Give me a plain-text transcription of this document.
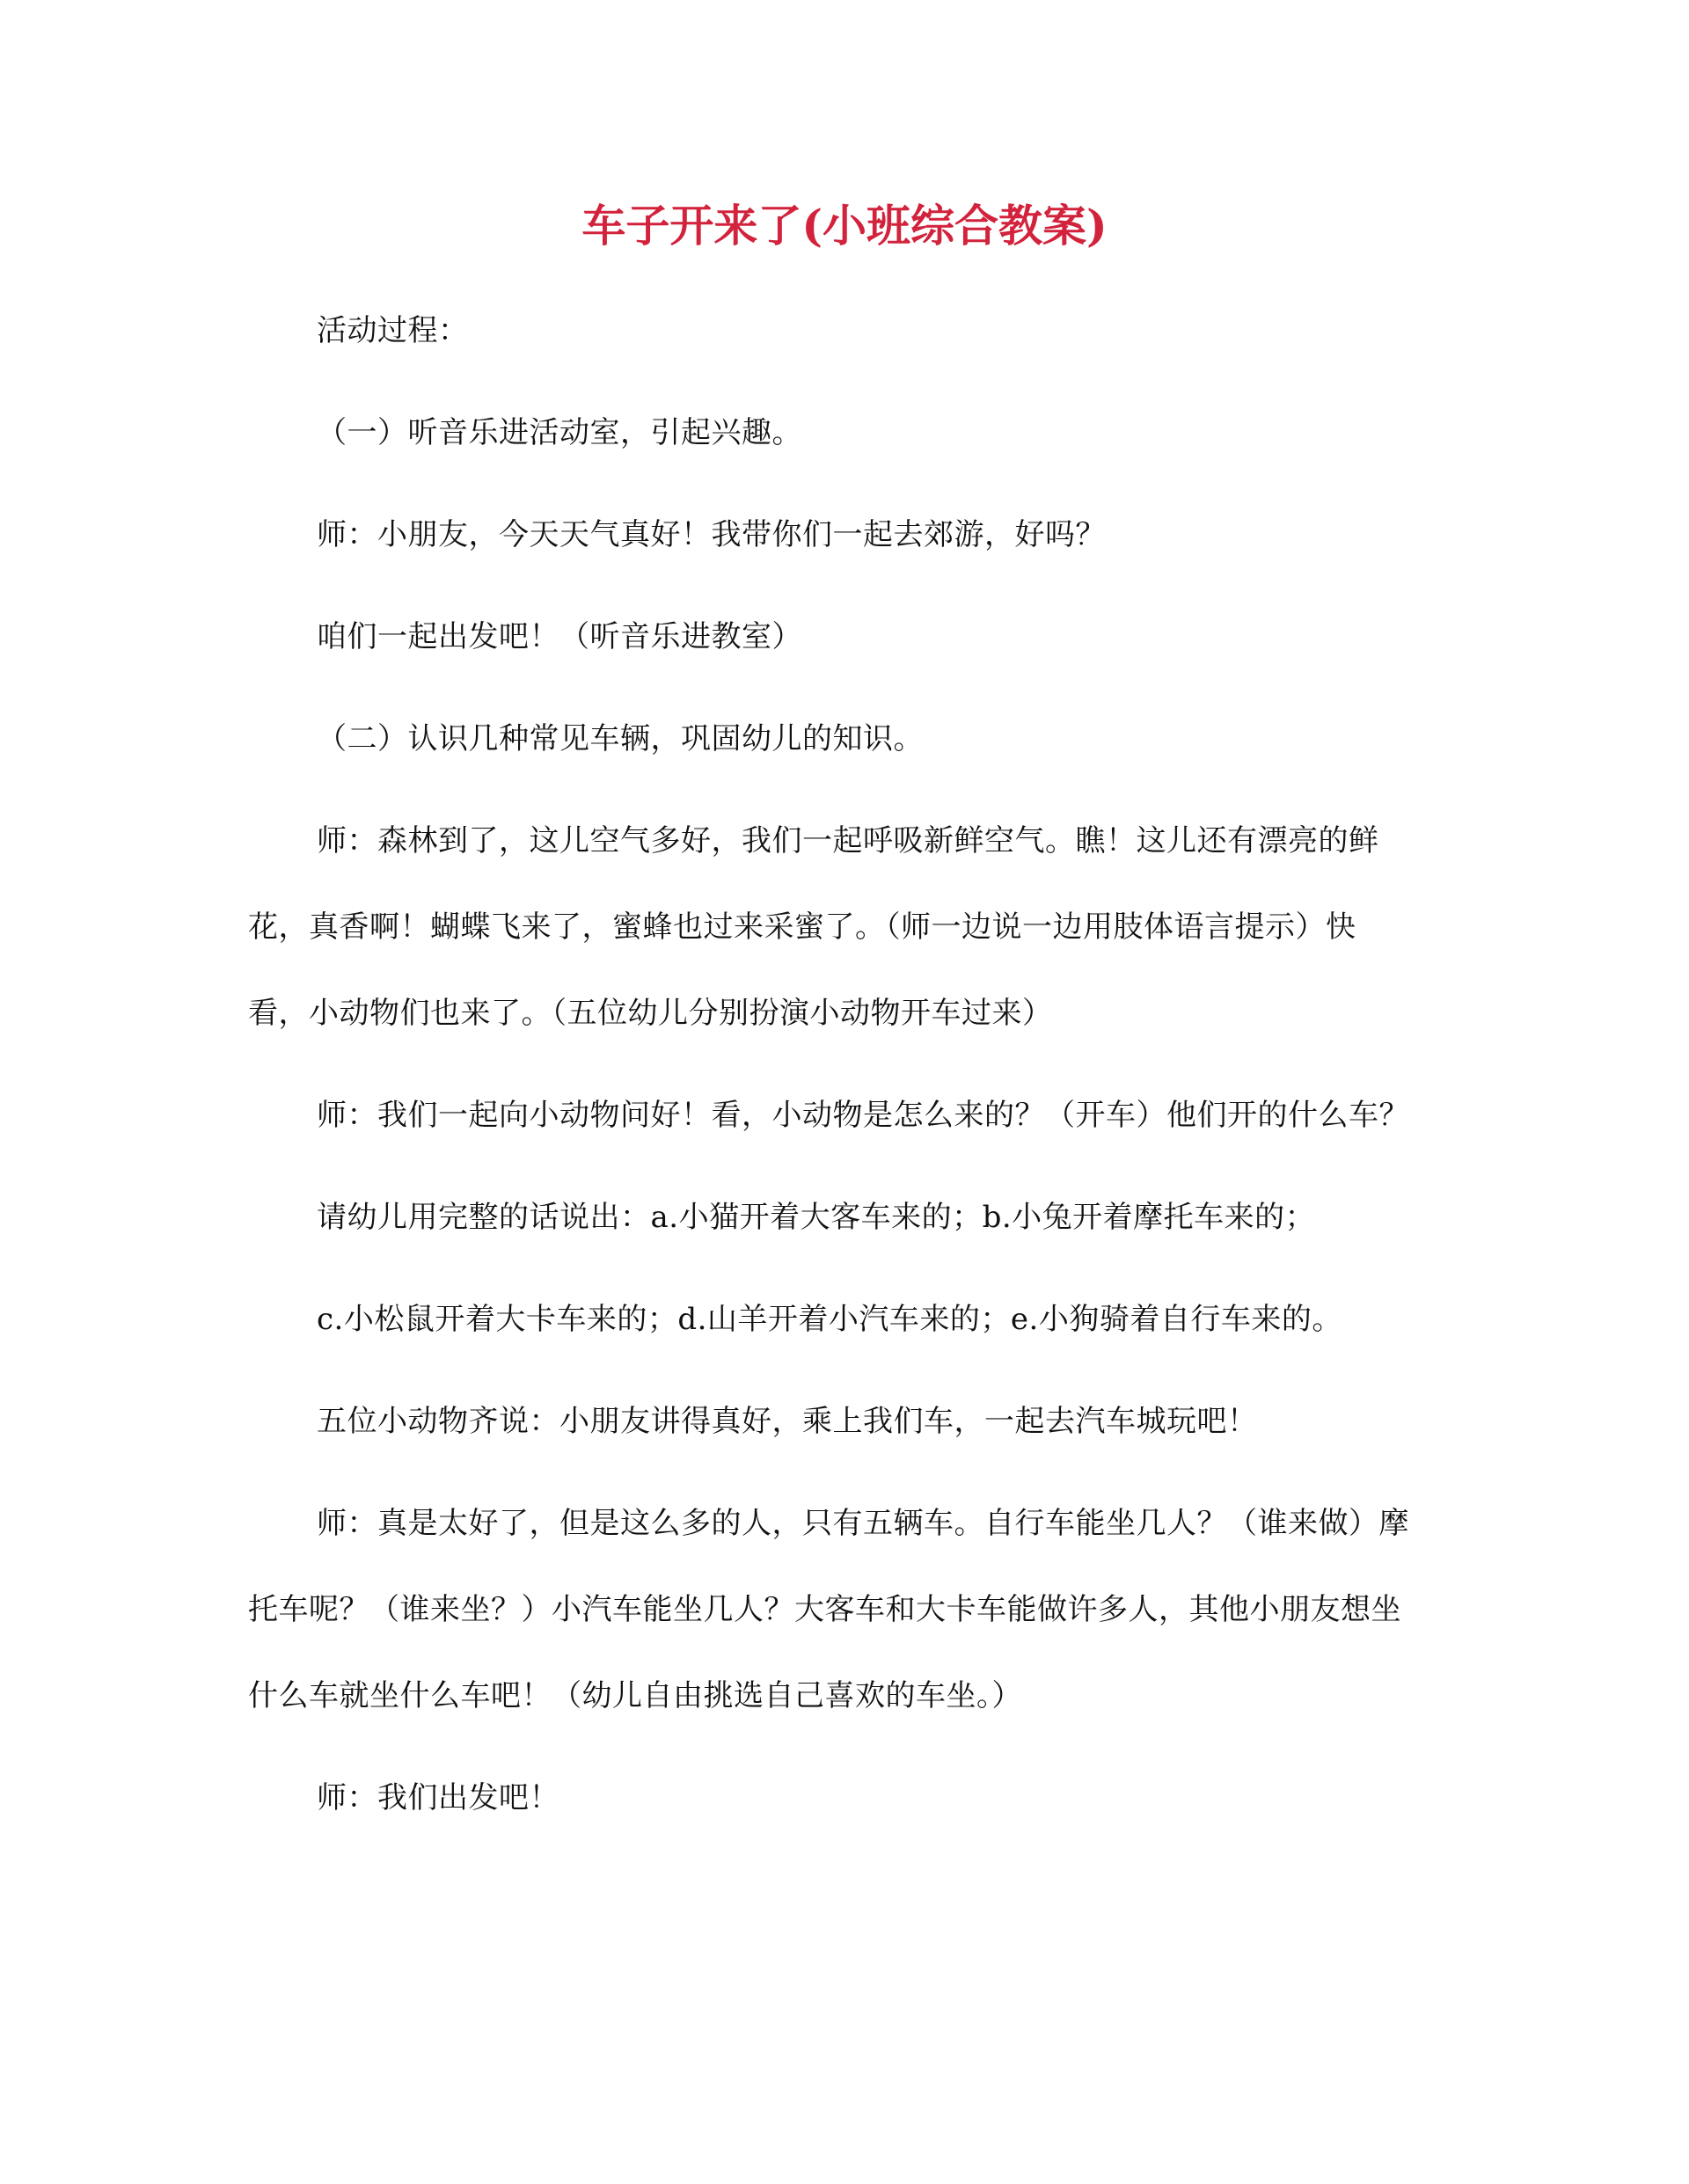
车子开来了(小班综合教案)

活动过程：

（一）听音乐进活动室，引起兴趣。

师：小朋友，今天天气真好！我带你们一起去郊游，好吗？

咱们一起出发吧！（听音乐进教室）

（二）认识几种常见车辆，巩固幼儿的知识。

师：森林到了，这儿空气多好，我们一起呼吸新鲜空气。瞧！这儿还有漂亮的鲜花，真香啊！蝴蝶飞来了，蜜蜂也过来采蜜了。（师一边说一边用肢体语言提示）快看，小动物们也来了。（五位幼儿分别扮演小动物开车过来）

师：我们一起向小动物问好！看，小动物是怎么来的？（开车）他们开的什么车？

请幼儿用完整的话说出：a.小猫开着大客车来的；b.小兔开着摩托车来的；

c.小松鼠开着大卡车来的；d.山羊开着小汽车来的；e.小狗骑着自行车来的。

五位小动物齐说：小朋友讲得真好，乘上我们车，一起去汽车城玩吧！

师：真是太好了，但是这么多的人，只有五辆车。自行车能坐几人？（谁来做）摩托车呢？（谁来坐？）小汽车能坐几人？大客车和大卡车能做许多人，其他小朋友想坐什么车就坐什么车吧！（幼儿自由挑选自己喜欢的车坐。）

师：我们出发吧！
